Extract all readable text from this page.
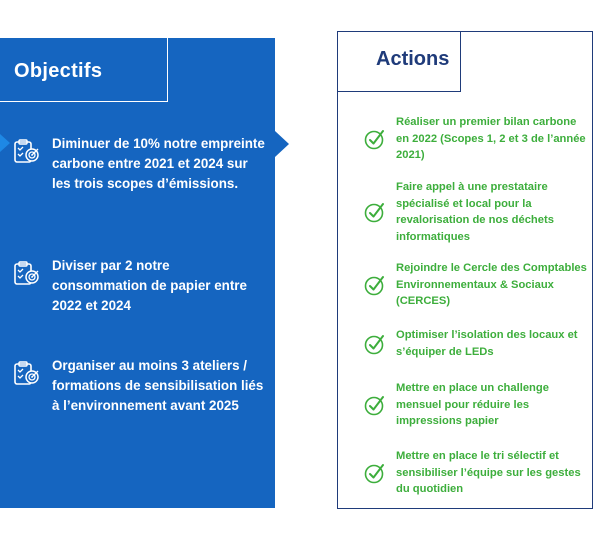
Objectifs
Diminuer de 10% notre empreinte carbone entre 2021 et 2024 sur les trois scopes d’émissions.
Diviser par 2 notre consommation de papier entre 2022 et 2024
Organiser au moins 3 ateliers / formations de sensibilisation liés à l’environnement avant 2025
Actions
Réaliser un premier bilan carbone en 2022 (Scopes 1, 2 et 3 de l’année 2021)
Faire appel à une prestataire spécialisé et local pour la revalorisation de nos déchets informatiques
Rejoindre le Cercle des Comptables Environnementaux & Sociaux (CERCES)
Optimiser l’isolation des locaux et s’équiper de LEDs
Mettre en place un challenge mensuel pour réduire les impressions papier
Mettre en place le tri sélectif et sensibiliser l’équipe sur les gestes du quotidien
